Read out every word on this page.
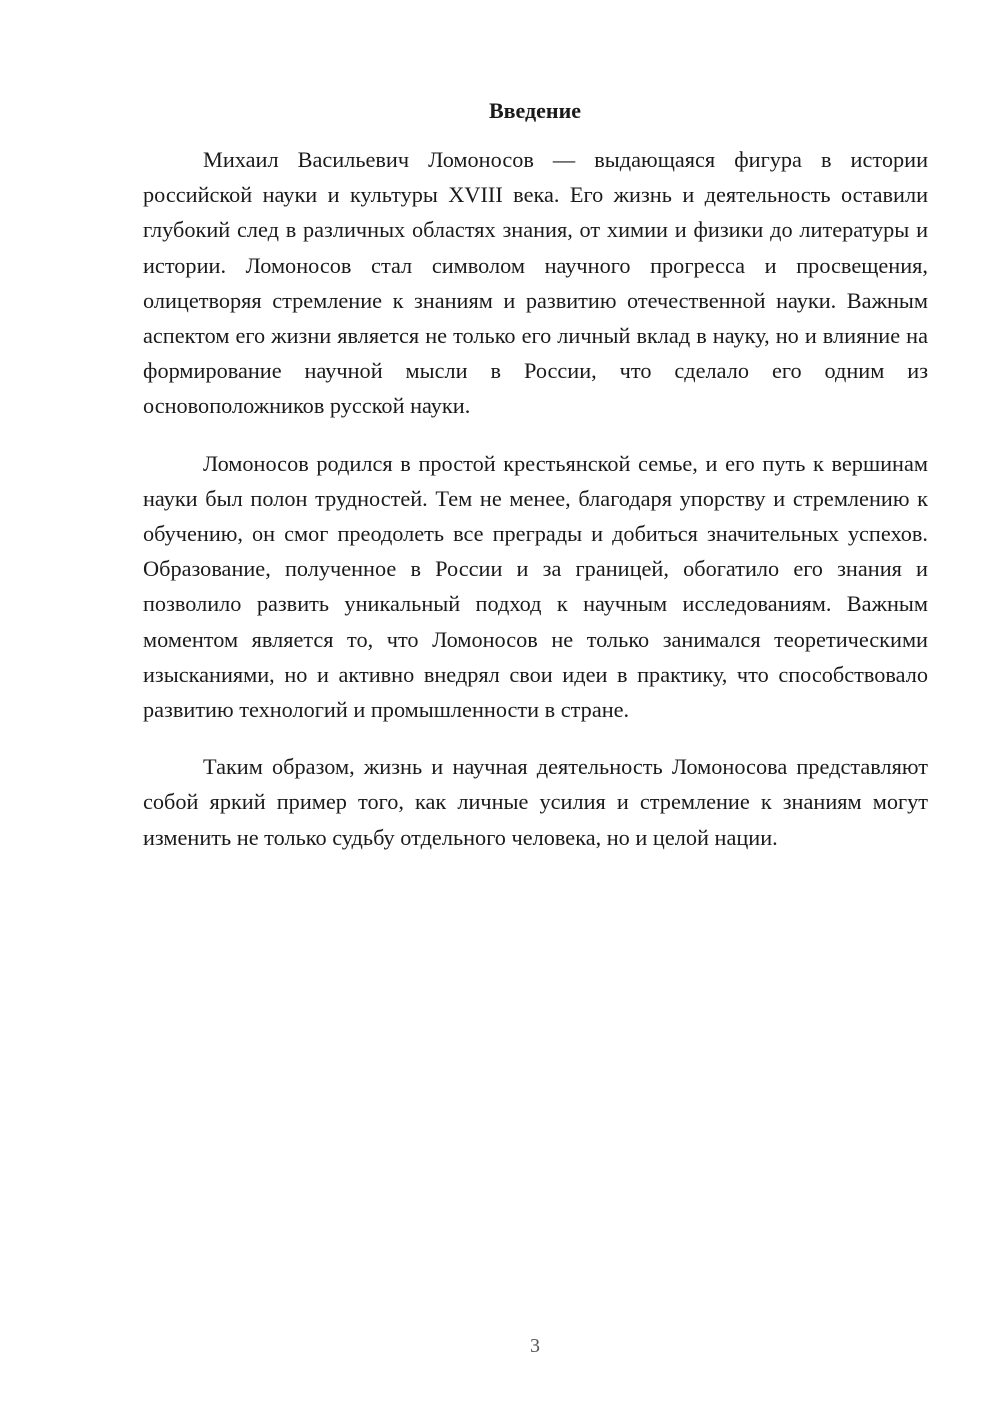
Введение

Михаил Васильевич Ломоносов — выдающаяся фигура в истории российской науки и культуры XVIII века. Его жизнь и деятельность оставили глубокий след в различных областях знания, от химии и физики до литературы и истории. Ломоносов стал символом научного прогресса и просвещения, олицетворяя стремление к знаниям и развитию отечественной науки. Важным аспектом его жизни является не только его личный вклад в науку, но и влияние на формирование научной мысли в России, что сделало его одним из основоположников русской науки.

Ломоносов родился в простой крестьянской семье, и его путь к вершинам науки был полон трудностей. Тем не менее, благодаря упорству и стремлению к обучению, он смог преодолеть все преграды и добиться значительных успехов. Образование, полученное в России и за границей, обогатило его знания и позволило развить уникальный подход к научным исследованиям. Важным моментом является то, что Ломоносов не только занимался теоретическими изысканиями, но и активно внедрял свои идеи в практику, что способствовало развитию технологий и промышленности в стране.

Таким образом, жизнь и научная деятельность Ломоносова представляют собой яркий пример того, как личные усилия и стремление к знаниям могут изменить не только судьбу отдельного человека, но и целой нации.

3
